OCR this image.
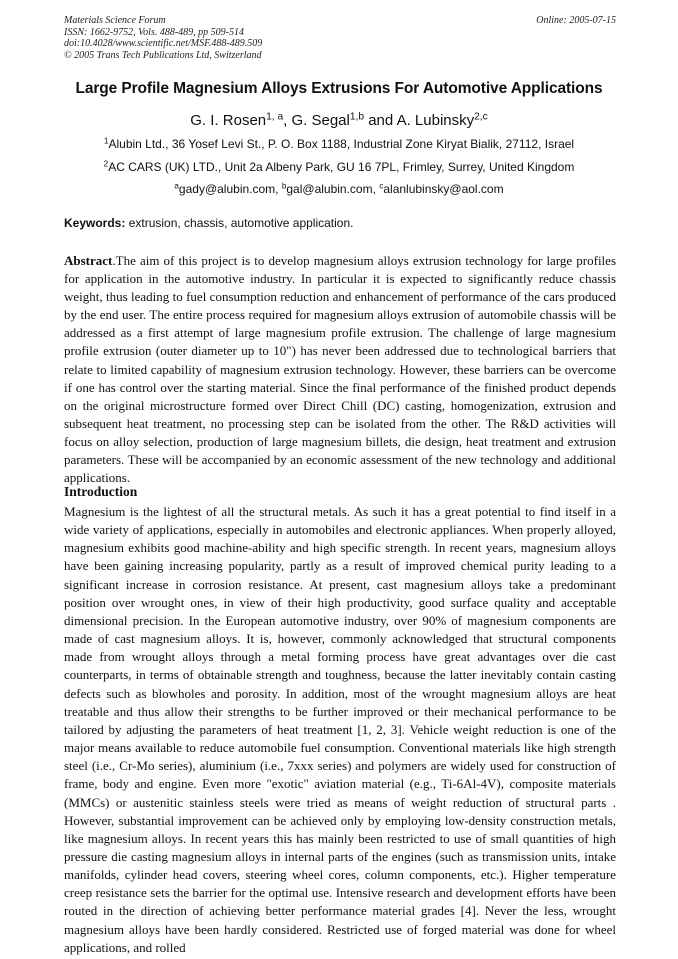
Materials Science Forum
ISSN: 1662-9752, Vols. 488-489, pp 509-514
doi:10.4028/www.scientific.net/MSF.488-489.509
© 2005 Trans Tech Publications Ltd, Switzerland
Online: 2005-07-15
Large Profile Magnesium Alloys Extrusions For Automotive Applications
G. I. Rosen$^{1, a}$, G. Segal$^{1,b}$ and A. Lubinsky$^{2,c}$
$^1$Alubin Ltd., 36 Yosef Levi St., P. O. Box 1188, Industrial Zone Kiryat Bialik, 27112, Israel
$^2$AC CARS (UK) LTD., Unit 2a Albeny Park, GU 16 7PL, Frimley, Surrey, United Kingdom
$^a$gady@alubin.com, $^b$gal@alubin.com, $^c$alanlubinsky@aol.com
Keywords: extrusion, chassis, automotive application.
Abstract.The aim of this project is to develop magnesium alloys extrusion technology for large profiles for application in the automotive industry. In particular it is expected to significantly reduce chassis weight, thus leading to fuel consumption reduction and enhancement of performance of the cars produced by the end user. The entire process required for magnesium alloys extrusion of automobile chassis will be addressed as a first attempt of large magnesium profile extrusion. The challenge of large magnesium profile extrusion (outer diameter up to 10") has never been addressed due to technological barriers that relate to limited capability of magnesium extrusion technology. However, these barriers can be overcome if one has control over the starting material. Since the final performance of the finished product depends on the original microstructure formed over Direct Chill (DC) casting, homogenization, extrusion and subsequent heat treatment, no processing step can be isolated from the other. The R&D activities will focus on alloy selection, production of large magnesium billets, die design, heat treatment and extrusion parameters. These will be accompanied by an economic assessment of the new technology and additional applications.
Introduction
Magnesium is the lightest of all the structural metals. As such it has a great potential to find itself in a wide variety of applications, especially in automobiles and electronic appliances. When properly alloyed, magnesium exhibits good machine-ability and high specific strength. In recent years, magnesium alloys have been gaining increasing popularity, partly as a result of improved chemical purity leading to a significant increase in corrosion resistance. At present, cast magnesium alloys take a predominant position over wrought ones, in view of their high productivity, good surface quality and acceptable dimensional precision. In the European automotive industry, over 90% of magnesium components are made of cast magnesium alloys. It is, however, commonly acknowledged that structural components made from wrought alloys through a metal forming process have great advantages over die cast counterparts, in terms of obtainable strength and toughness, because the latter inevitably contain casting defects such as blowholes and porosity. In addition, most of the wrought magnesium alloys are heat treatable and thus allow their strengths to be further improved or their mechanical performance to be tailored by adjusting the parameters of heat treatment [1, 2, 3]. Vehicle weight reduction is one of the major means available to reduce automobile fuel consumption. Conventional materials like high strength steel (i.e., Cr-Mo series), aluminium (i.e., 7xxx series) and polymers are widely used for construction of frame, body and engine. Even more "exotic" aviation material (e.g., Ti-6Al-4V), composite materials (MMCs) or austenitic stainless steels were tried as means of weight reduction of structural parts . However, substantial improvement can be achieved only by employing low-density construction metals, like magnesium alloys. In recent years this has mainly been restricted to use of small quantities of high pressure die casting magnesium alloys in internal parts of the engines (such as transmission units, intake manifolds, cylinder head covers, steering wheel cores, column components, etc.). Higher temperature creep resistance sets the barrier for the optimal use. Intensive research and development efforts have been routed in the direction of achieving better performance material grades [4]. Never the less, wrought magnesium alloys have been hardly considered. Restricted use of forged material was done for wheel applications, and rolled
